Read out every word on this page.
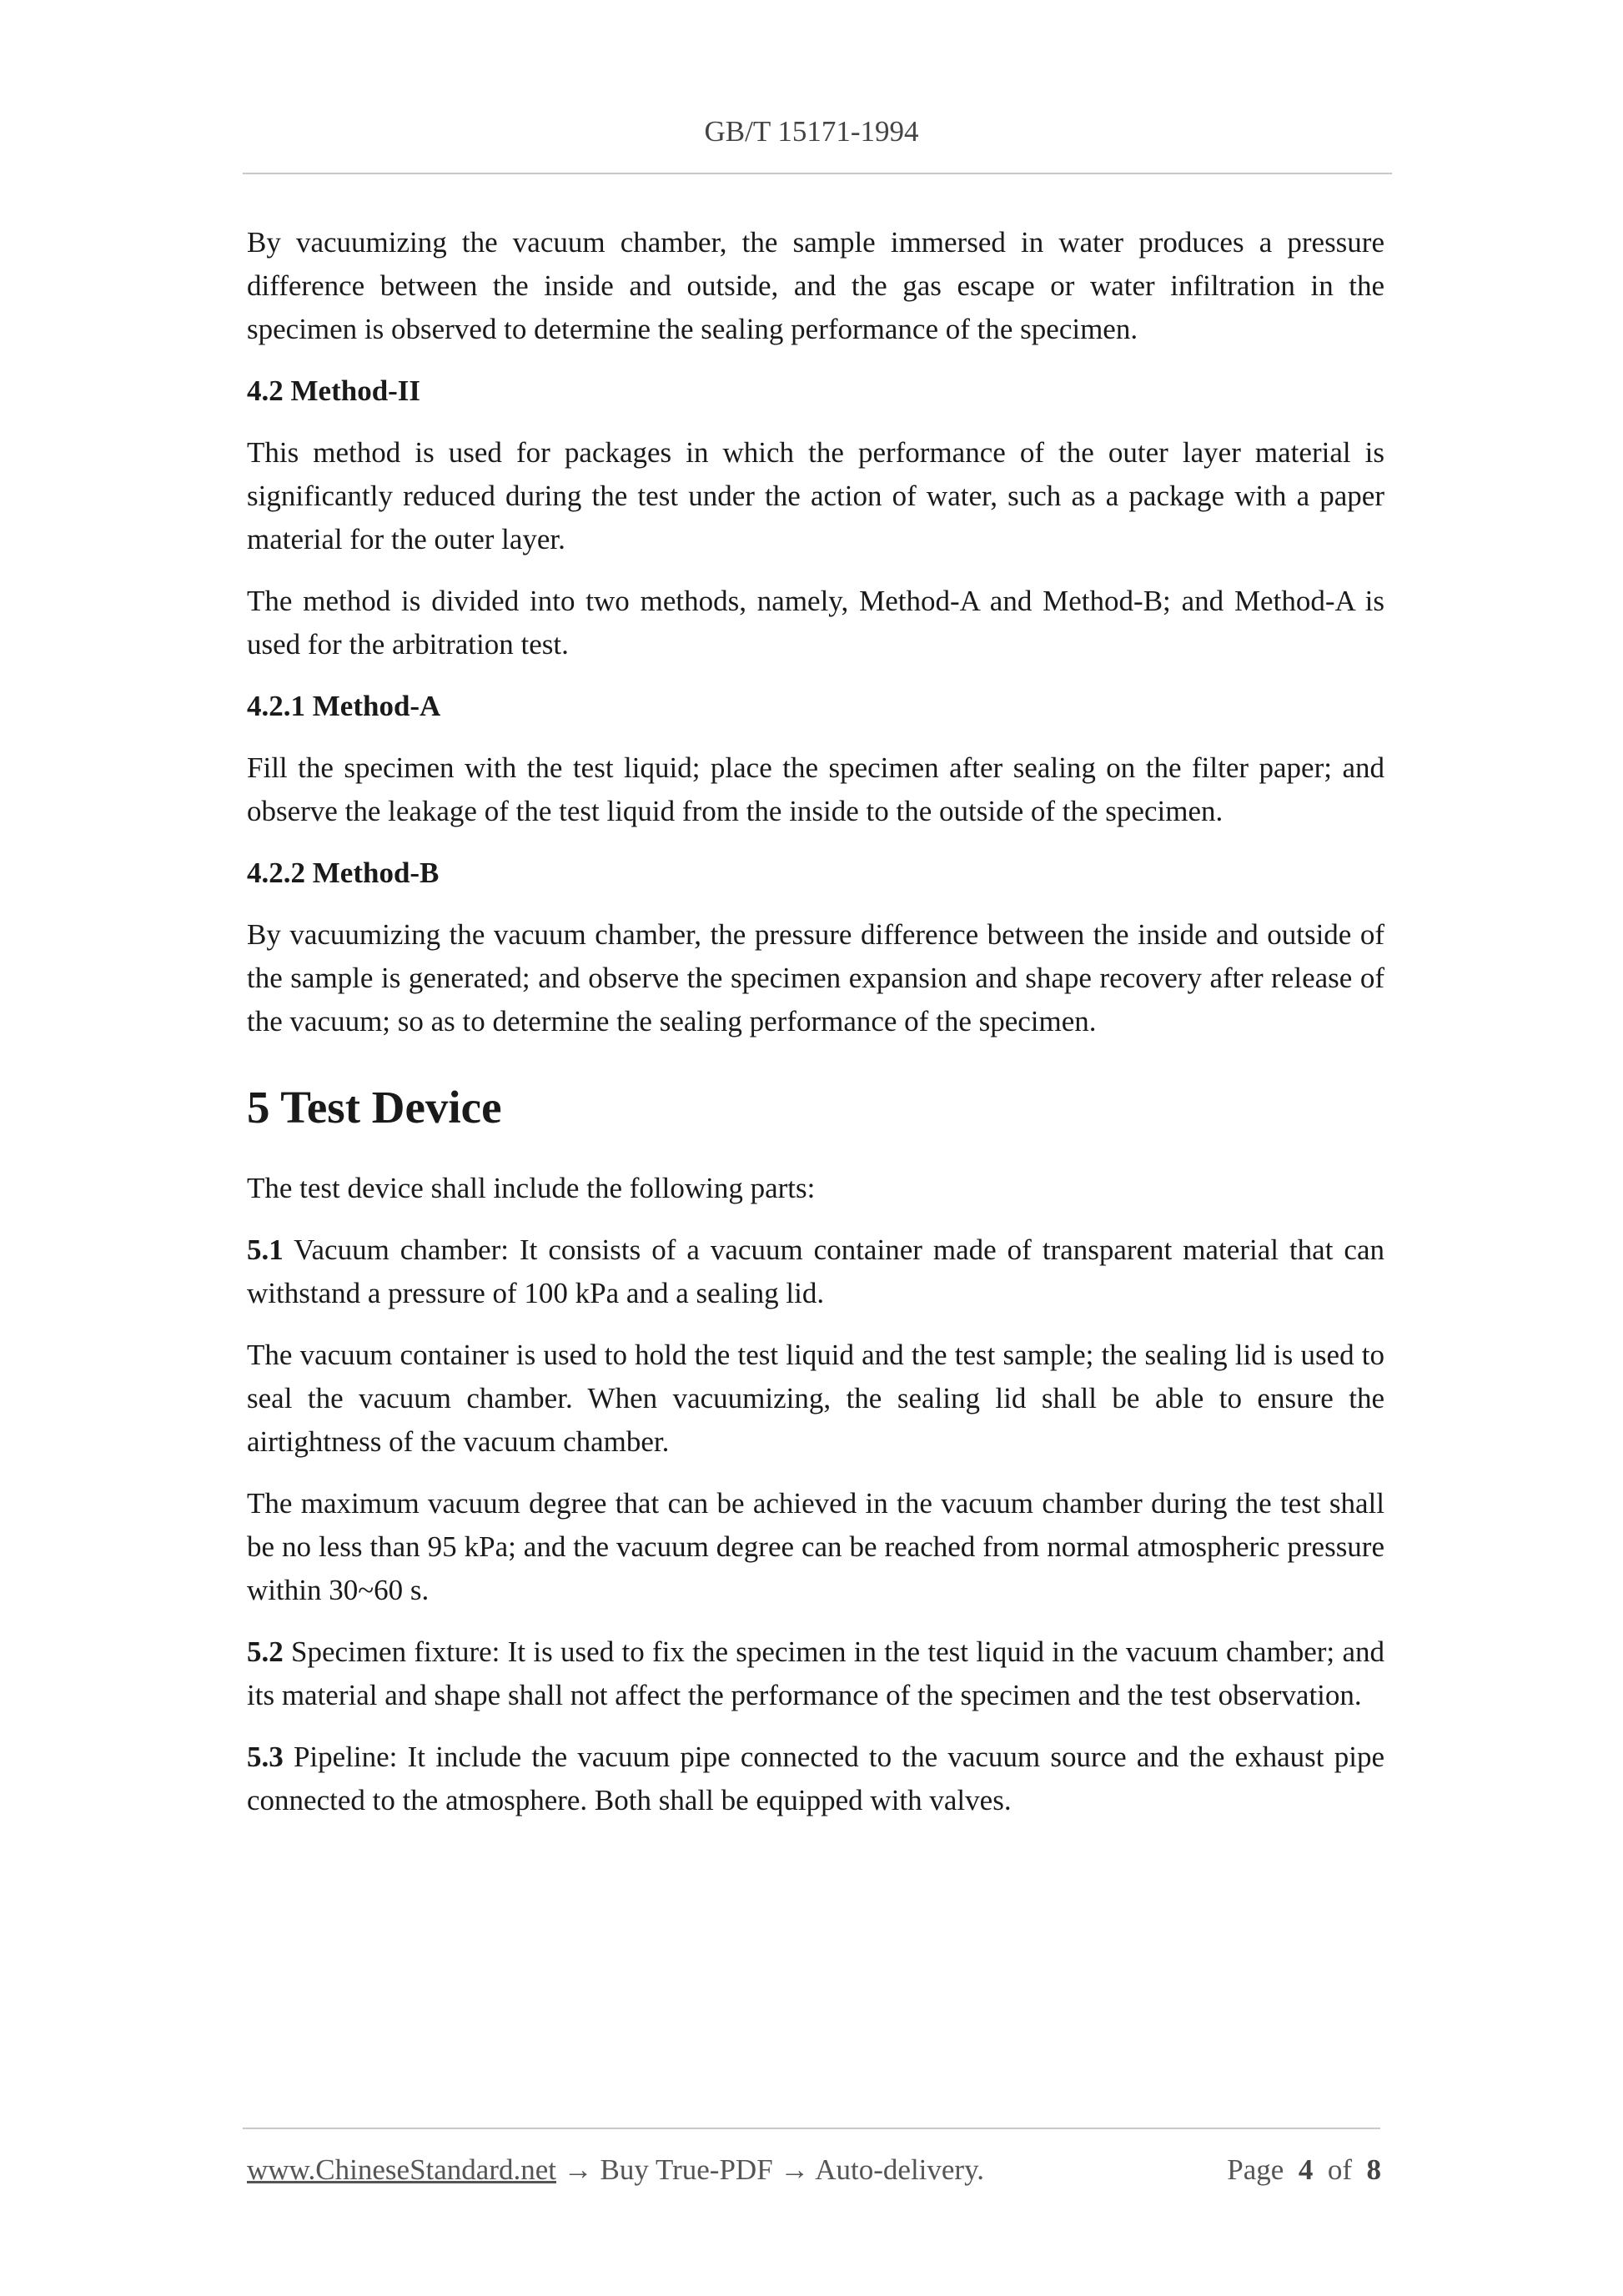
GB/T 15171-1994

By vacuumizing the vacuum chamber, the sample immersed in water produces a pressure difference between the inside and outside, and the gas escape or water infiltration in the specimen is observed to determine the sealing performance of the specimen.

4.2 Method-II

This method is used for packages in which the performance of the outer layer material is significantly reduced during the test under the action of water, such as a package with a paper material for the outer layer.

The method is divided into two methods, namely, Method-A and Method-B; and Method-A is used for the arbitration test.

4.2.1 Method-A

Fill the specimen with the test liquid; place the specimen after sealing on the filter paper; and observe the leakage of the test liquid from the inside to the outside of the specimen.

4.2.2 Method-B

By vacuumizing the vacuum chamber, the pressure difference between the inside and outside of the sample is generated; and observe the specimen expansion and shape recovery after release of the vacuum; so as to determine the sealing performance of the specimen.

5 Test Device

The test device shall include the following parts:

5.1 Vacuum chamber: It consists of a vacuum container made of transparent material that can withstand a pressure of 100 kPa and a sealing lid.

The vacuum container is used to hold the test liquid and the test sample; the sealing lid is used to seal the vacuum chamber. When vacuumizing, the sealing lid shall be able to ensure the airtightness of the vacuum chamber.

The maximum vacuum degree that can be achieved in the vacuum chamber during the test shall be no less than 95 kPa; and the vacuum degree can be reached from normal atmospheric pressure within 30~60 s.

5.2 Specimen fixture: It is used to fix the specimen in the test liquid in the vacuum chamber; and its material and shape shall not affect the performance of the specimen and the test observation.

5.3 Pipeline: It include the vacuum pipe connected to the vacuum source and the exhaust pipe connected to the atmosphere. Both shall be equipped with valves.

www.ChineseStandard.net → Buy True-PDF → Auto-delivery.	Page 4 of 8
